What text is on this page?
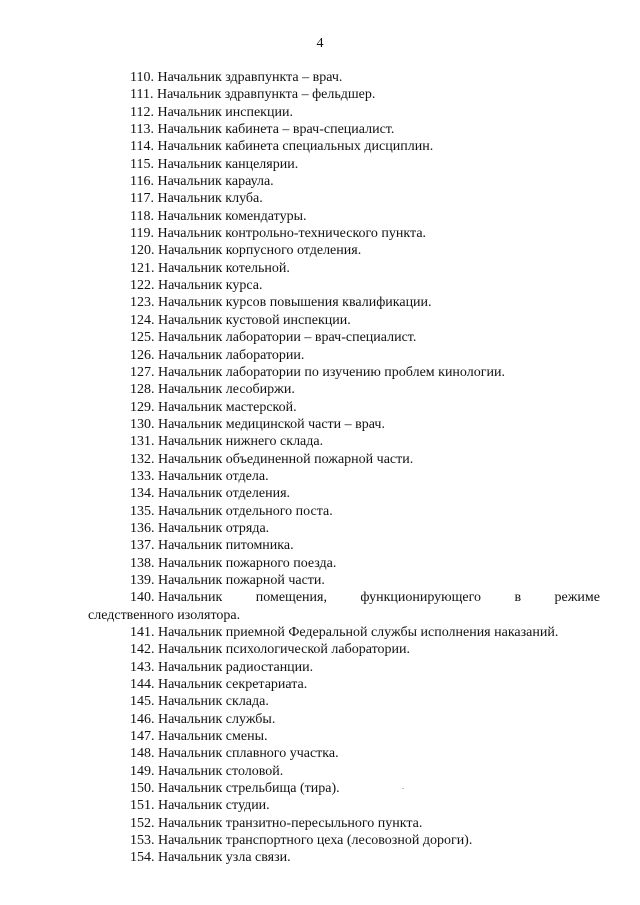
4
110. Начальник здравпункта – врач.
111. Начальник здравпункта – фельдшер.
112. Начальник инспекции.
113. Начальник кабинета – врач-специалист.
114. Начальник кабинета специальных дисциплин.
115. Начальник канцелярии.
116. Начальник караула.
117. Начальник клуба.
118. Начальник комендатуры.
119. Начальник контрольно-технического пункта.
120. Начальник корпусного отделения.
121. Начальник котельной.
122. Начальник курса.
123. Начальник курсов повышения квалификации.
124. Начальник кустовой инспекции.
125. Начальник лаборатории – врач-специалист.
126. Начальник лаборатории.
127. Начальник лаборатории по изучению проблем кинологии.
128. Начальник лесобиржи.
129. Начальник мастерской.
130. Начальник медицинской части – врач.
131. Начальник нижнего склада.
132. Начальник объединенной пожарной части.
133. Начальник отдела.
134. Начальник отделения.
135. Начальник отдельного поста.
136. Начальник отряда.
137. Начальник питомника.
138. Начальник пожарного поезда.
139. Начальник пожарной части.
140. Начальник помещения, функционирующего в режиме
следственного изолятора.
141. Начальник приемной Федеральной службы исполнения наказаний.
142. Начальник психологической лаборатории.
143. Начальник радиостанции.
144. Начальник секретариата.
145. Начальник склада.
146. Начальник службы.
147. Начальник смены.
148. Начальник сплавного участка.
149. Начальник столовой.
150. Начальник стрельбища (тира).
151. Начальник студии.
152. Начальник транзитно-пересыльного пункта.
153. Начальник транспортного цеха (лесовозной дороги).
154. Начальник узла связи.
